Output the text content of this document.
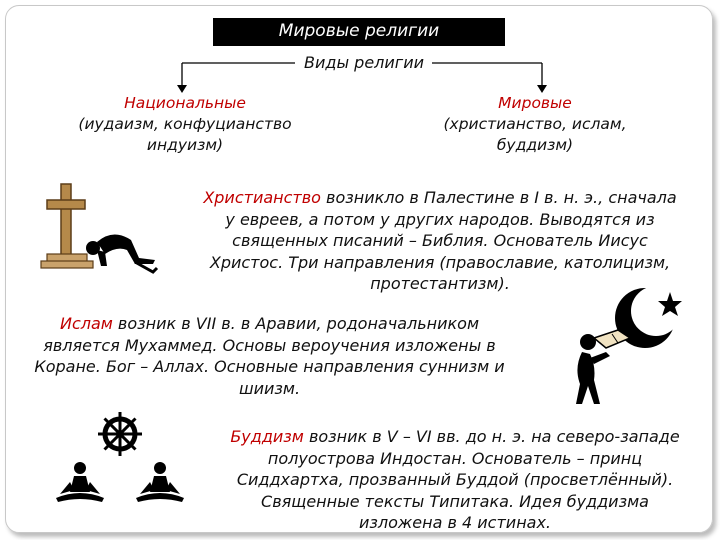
Мировые религии
Виды религии
Национальные
(иудаизм, конфуцианство
индуизм)
Мировые
(христианство, ислам,
буддизм)
Христианство возникло в Палестине в I в. н. э., сначала
у евреев, а потом у других народов. Выводятся из
священных писаний – Библия. Основатель Иисус
Христос. Три направления (православие, католицизм,
протестантизм).
Ислам возник в VII в. в Аравии, родоначальником
является Мухаммед. Основы вероучения изложены в
Коране. Бог – Аллах. Основные направления суннизм и
шиизм.
Буддизм возник в V – VI вв. до н. э. на северо-западе
полуострова Индостан. Основатель – принц
Сиддхартха, прозванный Буддой (просветлённый).
Священные тексты Типитака. Идея буддизма
изложена в 4 истинах.
